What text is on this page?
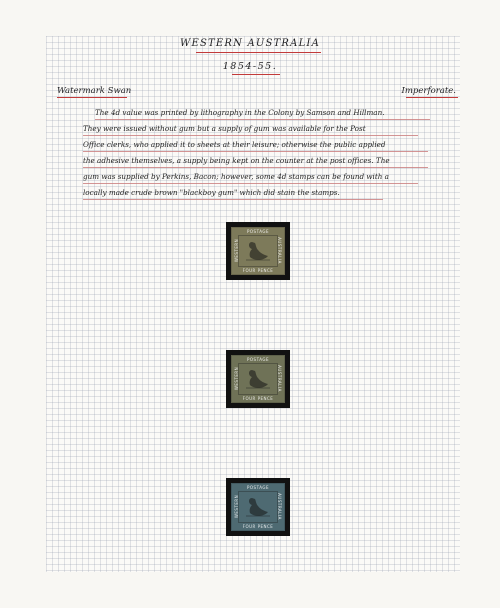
WESTERN AUSTRALIA

1854-55.

Watermark Swan	Imperforate.

The 4d value was printed by lithography in the Colony by Samson and Hillman.
They were issued without gum but a supply of gum was available for the Post
Office clerks, who applied it to sheets at their leisure; otherwise the public applied
the adhesive themselves, a supply being kept on the counter at the post offices. The
gum was supplied by Perkins, Bacon; however, some 4d stamps can be found with a
locally made crude brown "blackboy gum" which did stain the stamps.
POSTAGE
FOUR PENCE
WESTERN	AUSTRALIA
POSTAGE
FOUR PENCE
WESTERN	AUSTRALIA
POSTAGE
FOUR PENCE
WESTERN	AUSTRALIA
